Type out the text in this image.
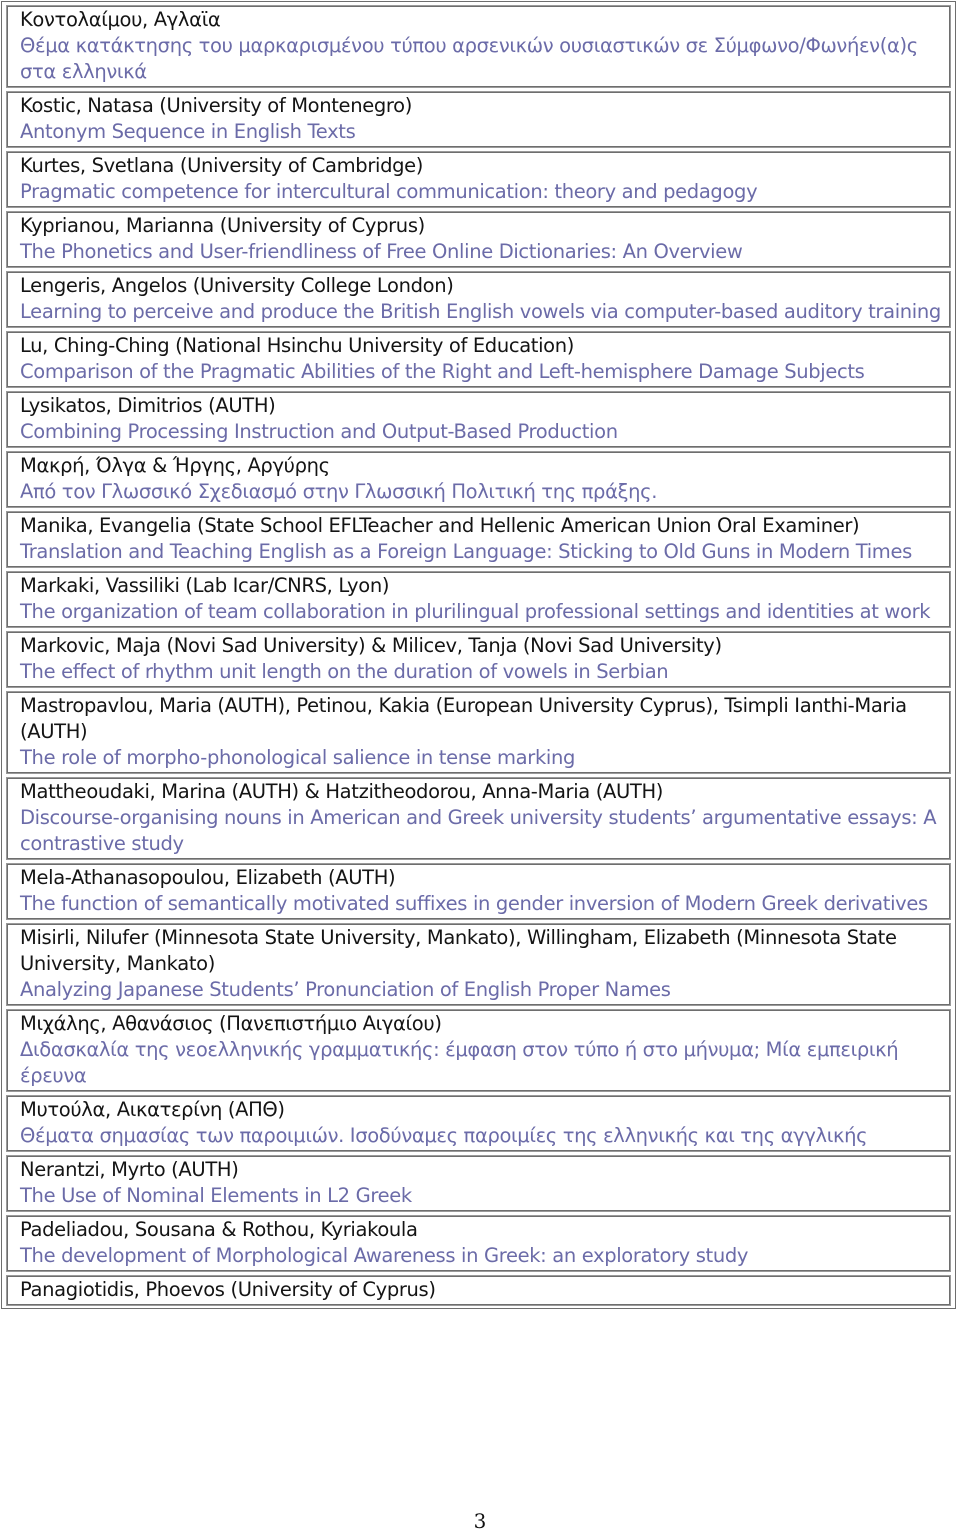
Κοντολαίμου, Αγλαϊα
Θέμα κατάκτησης του μαρκαρισμένου τύπου αρσενικών ουσιαστικών σε Σύμφωνο/Φωνήεν(α)ς στα ελληνικά
Kostic, Natasa (University of Montenegro)
Antonym Sequence in English Texts
Kurtes, Svetlana (University of Cambridge)
Pragmatic competence for intercultural communication: theory and pedagogy
Kyprianou, Marianna (University of Cyprus)
The Phonetics and User-friendliness of Free Online Dictionaries: An Overview
Lengeris, Angelos (University College London)
Learning to perceive and produce the British English vowels via computer-based auditory training
Lu, Ching-Ching (National Hsinchu University of Education)
Comparison of the Pragmatic Abilities of the Right and Left-hemisphere Damage Subjects
Lysikatos, Dimitrios (AUTH)
Combining Processing Instruction and Output-Based Production
Μακρή, Όλγα & Ήργης, Αργύρης
Από τον Γλωσσικό Σχεδιασμό στην Γλωσσική Πολιτική της πράξης.
Manika, Evangelia (State School EFLTeacher and Hellenic American Union Oral Examiner)
Translation and Teaching English as a Foreign Language: Sticking to Old Guns in Modern Times
Markaki, Vassiliki (Lab Icar/CNRS, Lyon)
The organization of team collaboration in plurilingual professional settings and identities at work
Markovic, Maja (Novi Sad University) & Milicev, Tanja (Novi Sad University)
The effect of rhythm unit length on the duration of vowels in Serbian
Mastropavlou, Maria (AUTH), Petinou, Kakia (European University Cyprus), Tsimpli Ianthi-Maria (AUTH)
The role of morpho-phonological salience in tense marking
Mattheoudaki, Marina (AUTH) & Hatzitheodorou, Anna-Maria (AUTH)
Discourse-organising nouns in American and Greek university students’ argumentative essays: A contrastive study
Mela-Athanasopoulou, Elizabeth (AUTH)
The function of semantically motivated suffixes in gender inversion of Modern Greek derivatives
Misirli, Nilufer (Minnesota State University, Mankato), Willingham, Elizabeth (Minnesota State University, Mankato)
Analyzing Japanese Students’ Pronunciation of English Proper Names
Μιχάλης, Αθανάσιος (Πανεπιστήμιο Αιγαίου)
Διδασκαλία της νεοελληνικής γραμματικής: έμφαση στον τύπο ή στο μήνυμα; Μία εμπειρική έρευνα
Μυτούλα, Αικατερίνη (ΑΠΘ)
Θέματα σημασίας των παροιμιών. Ισοδύναμες παροιμίες της ελληνικής και της αγγλικής
Nerantzi, Myrto (AUTH)
The Use of Nominal Elements in L2 Greek
Padeliadou, Sousana & Rothou, Kyriakoula
The development of Morphological Awareness in Greek: an exploratory study
Panagiotidis, Phoevos (University of Cyprus)
3
